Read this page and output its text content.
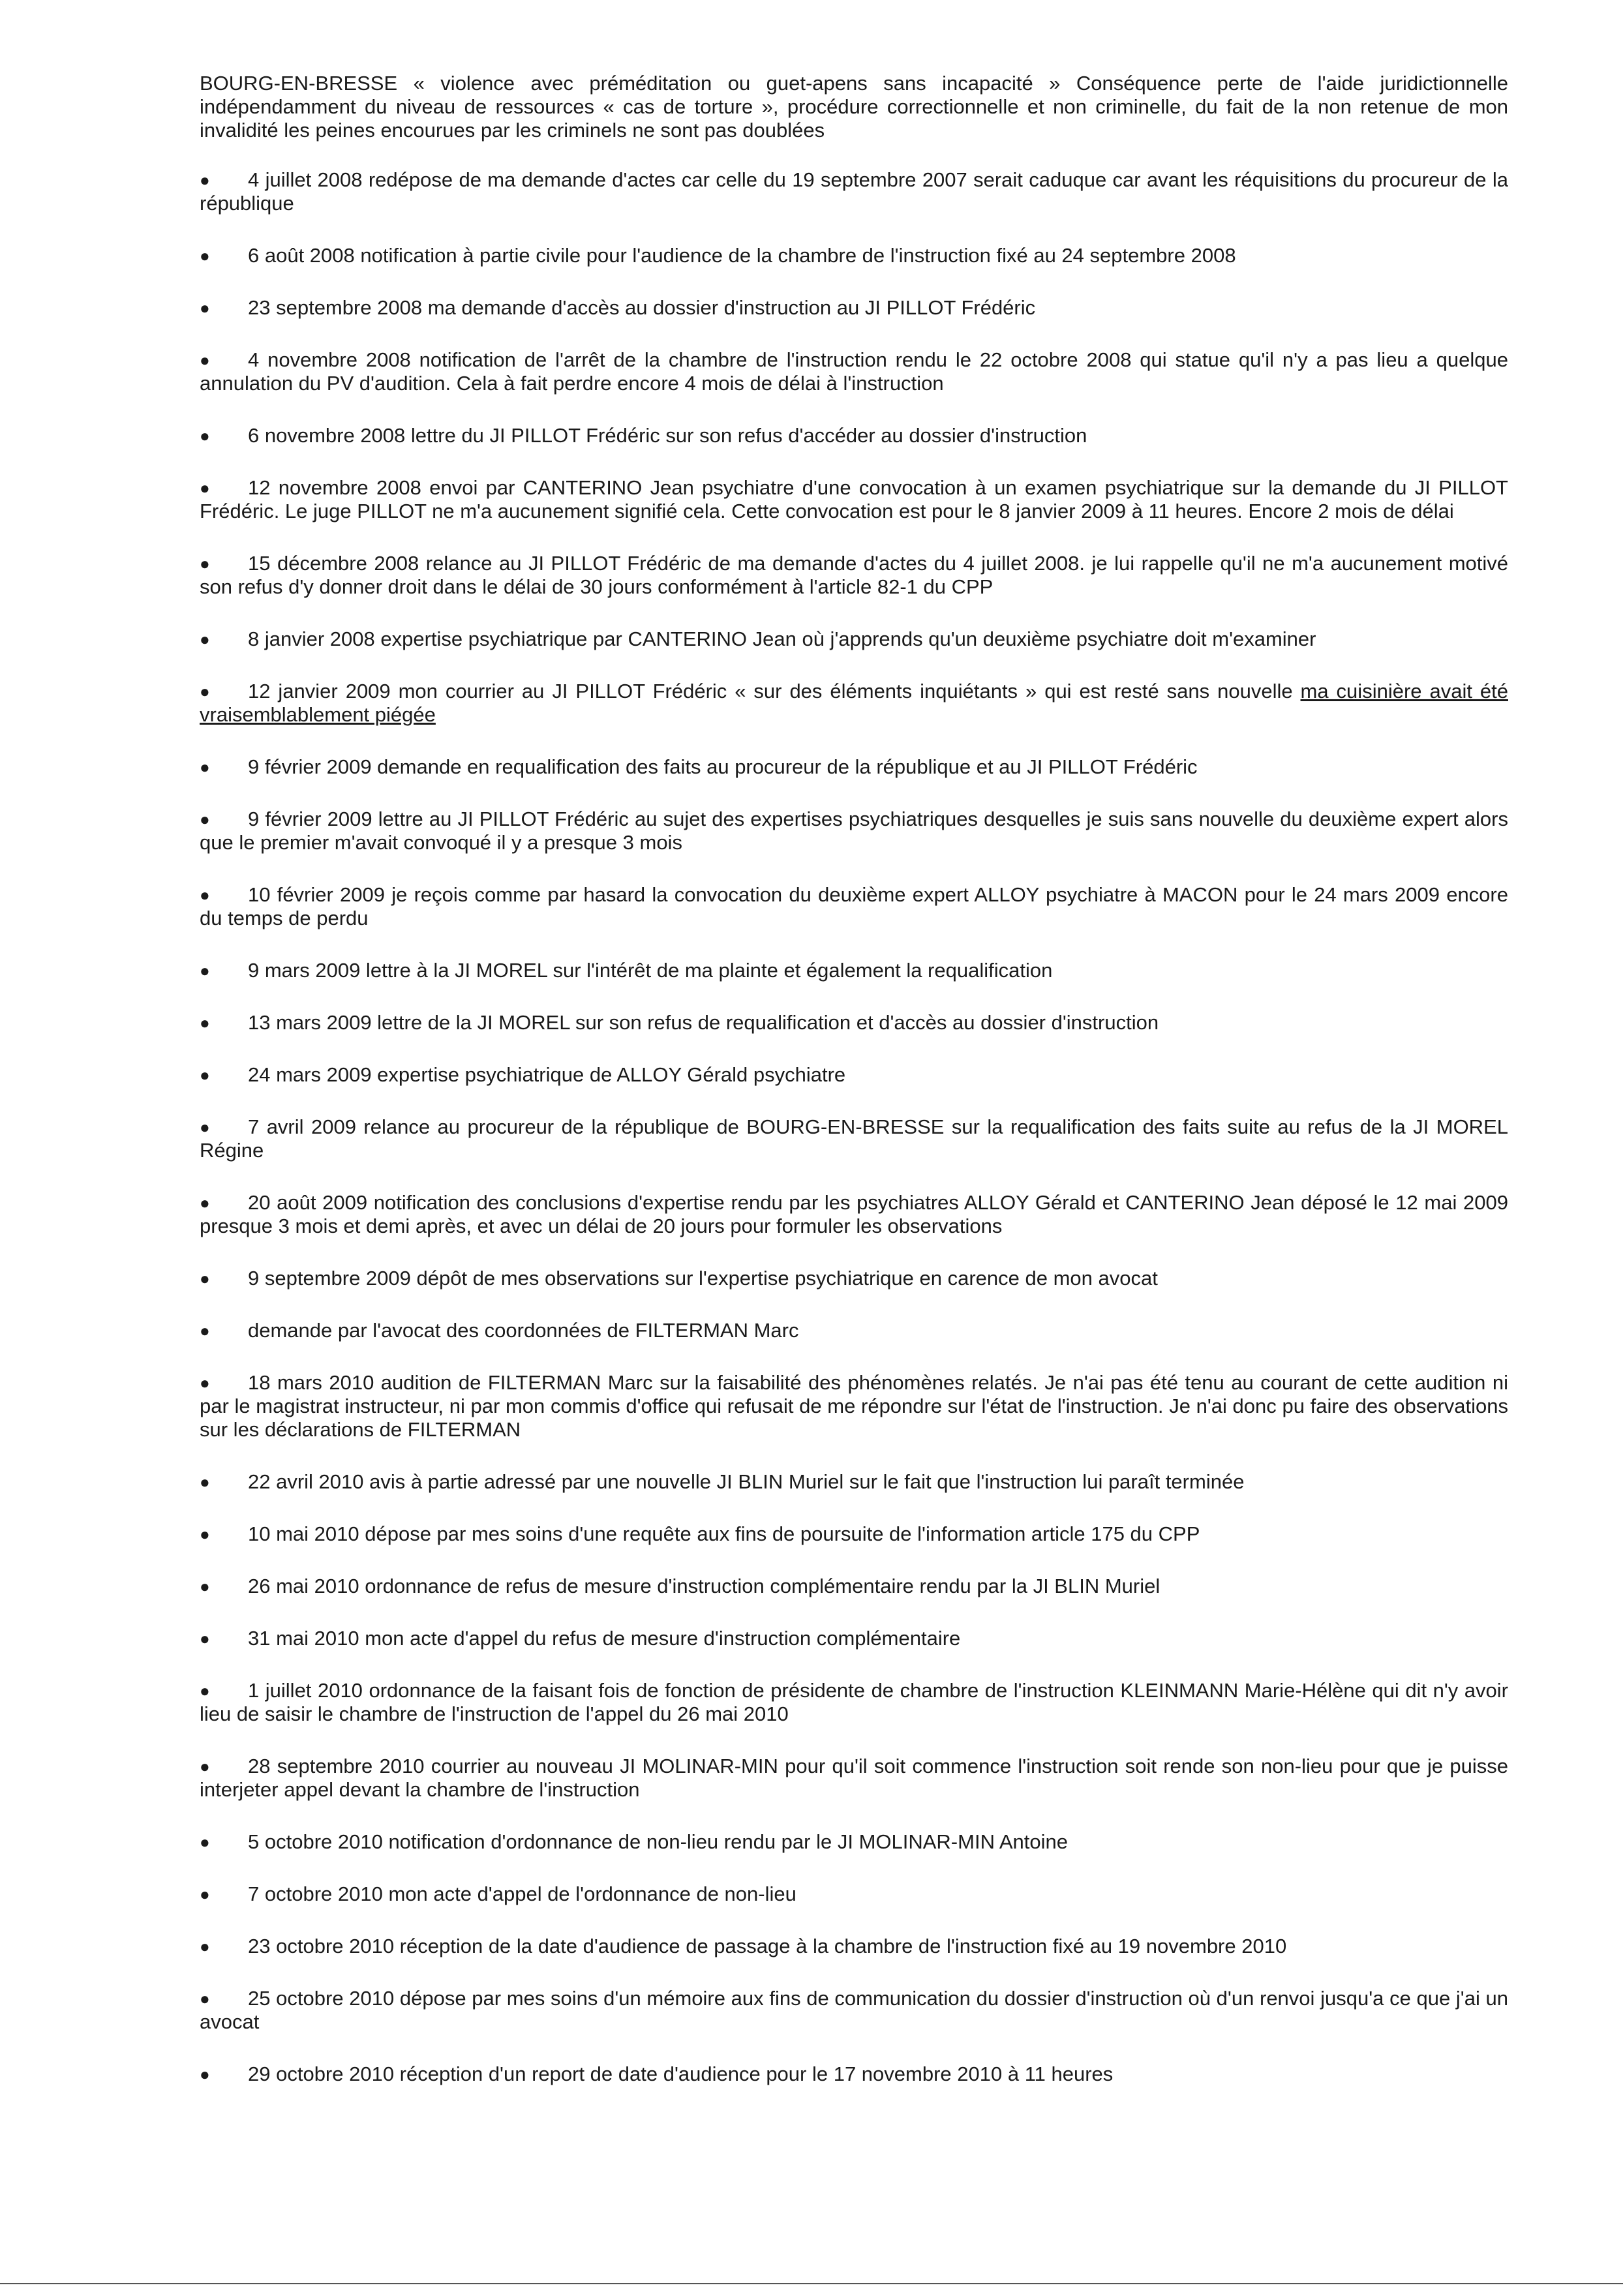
BOURG-EN-BRESSE « violence avec préméditation ou guet-apens sans incapacité » Conséquence perte de l'aide juridictionnelle indépendamment du niveau de ressources « cas de torture », procédure correctionnelle et non criminelle, du fait de la non retenue de mon invalidité les peines encourues par les criminels ne sont pas doublées

● 4 juillet 2008 redépose de ma demande d'actes car celle du 19 septembre 2007 serait caduque car avant les réquisitions du procureur de la république
● 6 août 2008 notification à partie civile pour l'audience de la chambre de l'instruction fixé au 24 septembre 2008
● 23 septembre 2008 ma demande d'accès au dossier d'instruction au JI PILLOT Frédéric
● 4 novembre 2008 notification de l'arrêt de la chambre de l'instruction rendu le 22 octobre 2008 qui statue qu'il n'y a pas lieu a quelque annulation du PV d'audition. Cela à fait perdre encore 4 mois de délai à l'instruction
● 6 novembre 2008 lettre du JI PILLOT Frédéric sur son refus d'accéder au dossier d'instruction
● 12 novembre 2008 envoi par CANTERINO Jean psychiatre d'une convocation à un examen psychiatrique sur la demande du JI PILLOT Frédéric. Le juge PILLOT ne m'a aucunement signifié cela. Cette convocation est pour le 8 janvier 2009 à 11 heures. Encore 2 mois de délai
● 15 décembre 2008 relance au JI PILLOT Frédéric de ma demande d'actes du 4 juillet 2008. je lui rappelle qu'il ne m'a aucunement motivé son refus d'y donner droit dans le délai de 30 jours conformément à l'article 82-1 du CPP
● 8 janvier 2008 expertise psychiatrique par CANTERINO Jean où j'apprends qu'un deuxième psychiatre doit m'examiner
● 12 janvier 2009 mon courrier au JI PILLOT Frédéric « sur des éléments inquiétants » qui est resté sans nouvelle ma cuisinière avait été vraisemblablement piégée
● 9 février 2009 demande en requalification des faits au procureur de la république et au JI PILLOT Frédéric
● 9 février 2009 lettre au JI PILLOT Frédéric au sujet des expertises psychiatriques desquelles je suis sans nouvelle du deuxième expert alors que le premier m'avait convoqué il y a presque 3 mois
● 10 février 2009 je reçois comme par hasard la convocation du deuxième expert ALLOY psychiatre à MACON pour le 24 mars 2009 encore du temps de perdu
● 9 mars 2009 lettre à la JI MOREL sur l'intérêt de ma plainte et également la requalification
● 13 mars 2009 lettre de la JI MOREL sur son refus de requalification et d'accès au dossier d'instruction
● 24 mars 2009 expertise psychiatrique de ALLOY Gérald psychiatre
● 7 avril 2009 relance au procureur de la république de BOURG-EN-BRESSE sur la requalification des faits suite au refus de la JI MOREL Régine
● 20 août 2009 notification des conclusions d'expertise rendu par les psychiatres ALLOY Gérald et CANTERINO Jean déposé le 12 mai 2009 presque 3 mois et demi après, et avec un délai de 20 jours pour formuler les observations
● 9 septembre 2009 dépôt de mes observations sur l'expertise psychiatrique en carence de mon avocat
● demande par l'avocat des coordonnées de FILTERMAN Marc
● 18 mars 2010 audition de FILTERMAN Marc sur la faisabilité des phénomènes relatés. Je n'ai pas été tenu au courant de cette audition ni par le magistrat instructeur, ni par mon commis d'office qui refusait de me répondre sur l'état de l'instruction. Je n'ai donc pu faire des observations sur les déclarations de FILTERMAN
● 22 avril 2010 avis à partie adressé par une nouvelle JI BLIN Muriel sur le fait que l'instruction lui paraît terminée
● 10 mai 2010 dépose par mes soins d'une requête aux fins de poursuite de l'information article 175 du CPP
● 26 mai 2010 ordonnance de refus de mesure d'instruction complémentaire rendu par la JI BLIN Muriel
● 31 mai 2010 mon acte d'appel du refus de mesure d'instruction complémentaire
● 1 juillet 2010 ordonnance de la faisant fois de fonction de présidente de chambre de l'instruction KLEINMANN Marie-Hélène qui dit n'y avoir lieu de saisir le chambre de l'instruction de l'appel du 26 mai 2010
● 28 septembre 2010 courrier au nouveau JI MOLINAR-MIN pour qu'il soit commence l'instruction soit rende son non-lieu pour que je puisse interjeter appel devant la chambre de l'instruction
● 5 octobre 2010 notification d'ordonnance de non-lieu rendu par le JI MOLINAR-MIN Antoine
● 7 octobre 2010 mon acte d'appel de l'ordonnance de non-lieu
● 23 octobre 2010 réception de la date d'audience de passage à la chambre de l'instruction fixé au 19 novembre 2010
● 25 octobre 2010 dépose par mes soins d'un mémoire aux fins de communication du dossier d'instruction où d'un renvoi jusqu'a ce que j'ai un avocat
● 29 octobre 2010 réception d'un report de date d'audience pour le 17 novembre 2010 à 11 heures
